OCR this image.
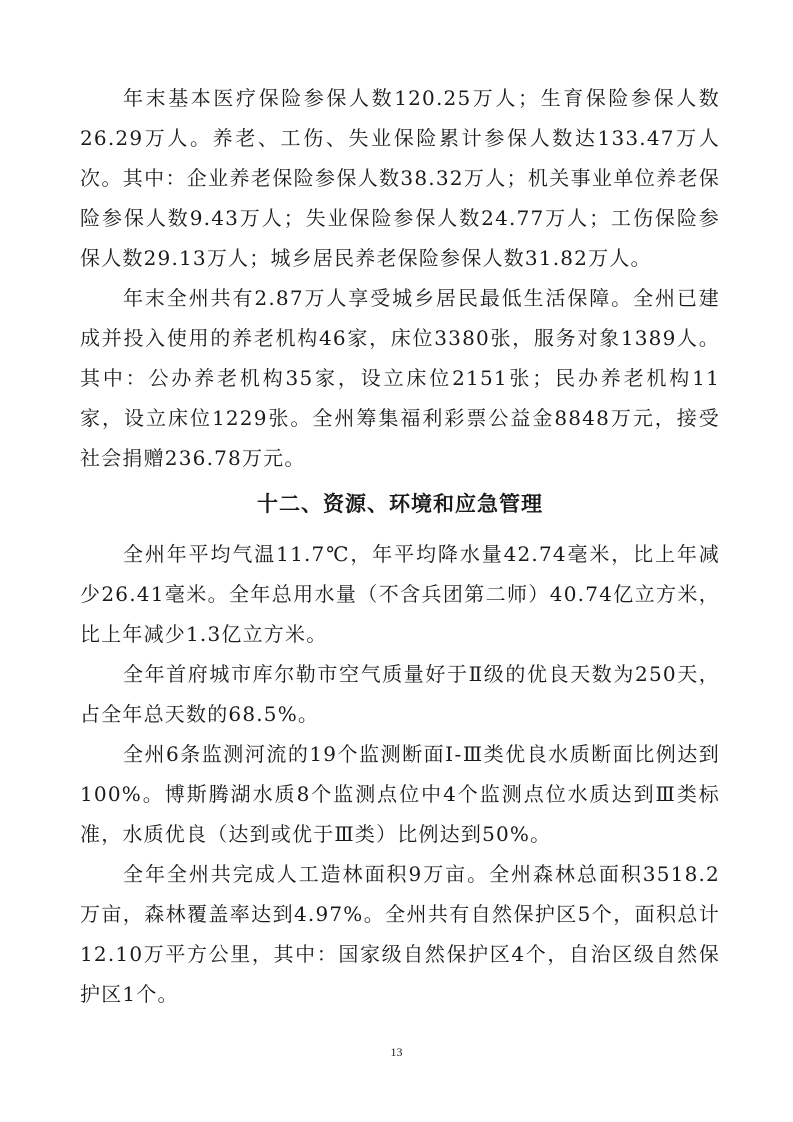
年末基本医疗保险参保人数120.25万人；生育保险参保人数26.29万人。养老、工伤、失业保险累计参保人数达133.47万人次。其中：企业养老保险参保人数38.32万人；机关事业单位养老保险参保人数9.43万人；失业保险参保人数24.77万人；工伤保险参保人数29.13万人；城乡居民养老保险参保人数31.82万人。

年末全州共有2.87万人享受城乡居民最低生活保障。全州已建成并投入使用的养老机构46家，床位3380张，服务对象1389人。其中：公办养老机构35家，设立床位2151张；民办养老机构11家，设立床位1229张。全州筹集福利彩票公益金8848万元，接受社会捐赠236.78万元。

十二、资源、环境和应急管理

全州年平均气温11.7℃，年平均降水量42.74毫米，比上年减少26.41毫米。全年总用水量（不含兵团第二师）40.74亿立方米，比上年减少1.3亿立方米。

全年首府城市库尔勒市空气质量好于Ⅱ级的优良天数为250天，占全年总天数的68.5%。

全州6条监测河流的19个监测断面Ⅰ-Ⅲ类优良水质断面比例达到100%。博斯腾湖水质8个监测点位中4个监测点位水质达到Ⅲ类标准，水质优良（达到或优于Ⅲ类）比例达到50%。

全年全州共完成人工造林面积9万亩。全州森林总面积3518.2万亩，森林覆盖率达到4.97%。全州共有自然保护区5个，面积总计12.10万平方公里，其中：国家级自然保护区4个，自治区级自然保护区1个。

13
